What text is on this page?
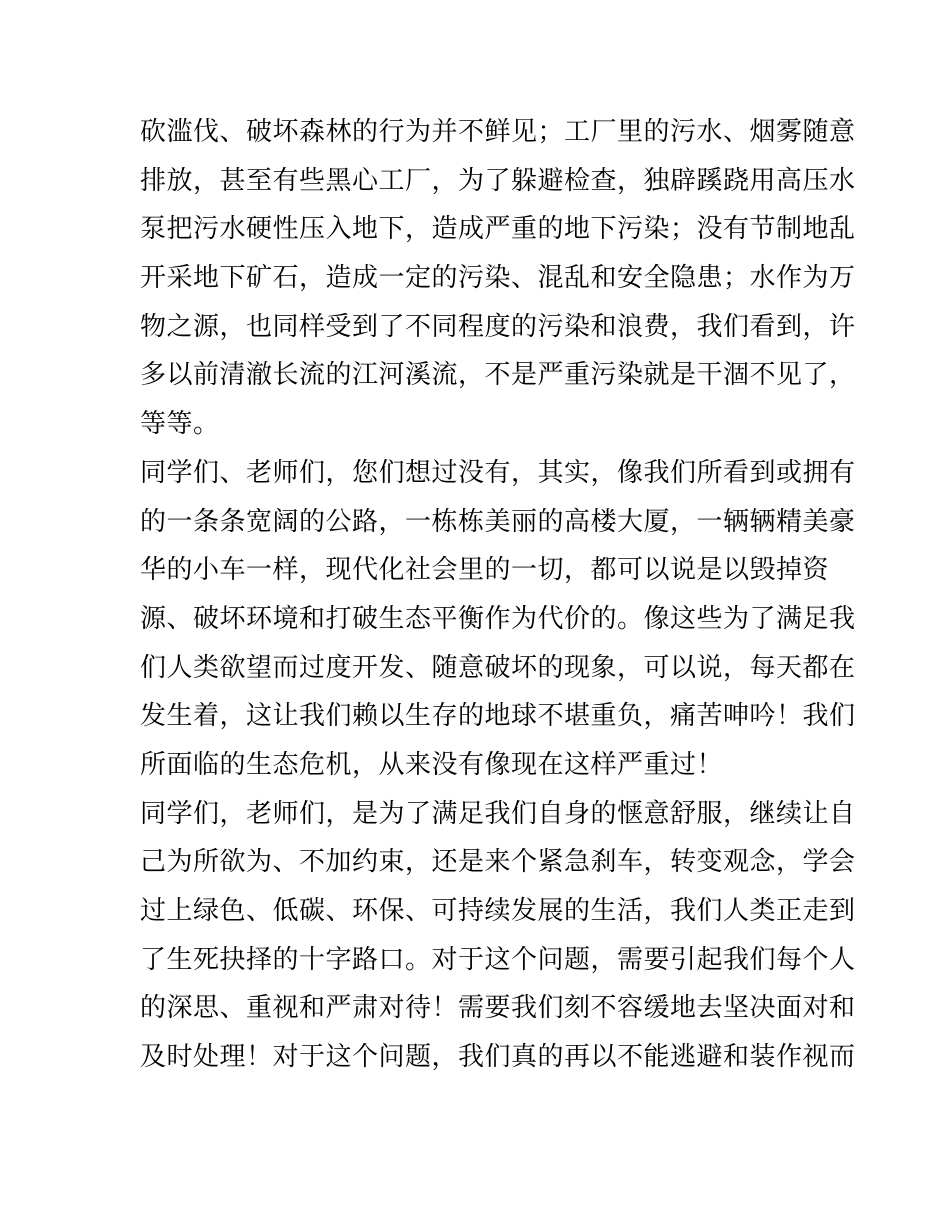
砍滥伐、破坏森林的行为并不鲜见；工厂里的污水、烟雾随意
排放，甚至有些黑心工厂，为了躲避检查，独辟蹊跷用高压水
泵把污水硬性压入地下，造成严重的地下污染；没有节制地乱
开采地下矿石，造成一定的污染、混乱和安全隐患；水作为万
物之源，也同样受到了不同程度的污染和浪费，我们看到，许
多以前清澈长流的江河溪流，不是严重污染就是干涸不见了，
等等。
同学们、老师们，您们想过没有，其实，像我们所看到或拥有
的一条条宽阔的公路，一栋栋美丽的高楼大厦，一辆辆精美豪
华的小车一样，现代化社会里的一切，都可以说是以毁掉资
源、破坏环境和打破生态平衡作为代价的。像这些为了满足我
们人类欲望而过度开发、随意破坏的现象，可以说，每天都在
发生着，这让我们赖以生存的地球不堪重负，痛苦呻吟！我们
所面临的生态危机，从来没有像现在这样严重过！
同学们，老师们，是为了满足我们自身的惬意舒服，继续让自
己为所欲为、不加约束，还是来个紧急刹车，转变观念，学会
过上绿色、低碳、环保、可持续发展的生活，我们人类正走到
了生死抉择的十字路口。对于这个问题，需要引起我们每个人
的深思、重视和严肃对待！需要我们刻不容缓地去坚决面对和
及时处理！对于这个问题，我们真的再以不能逃避和装作视而
